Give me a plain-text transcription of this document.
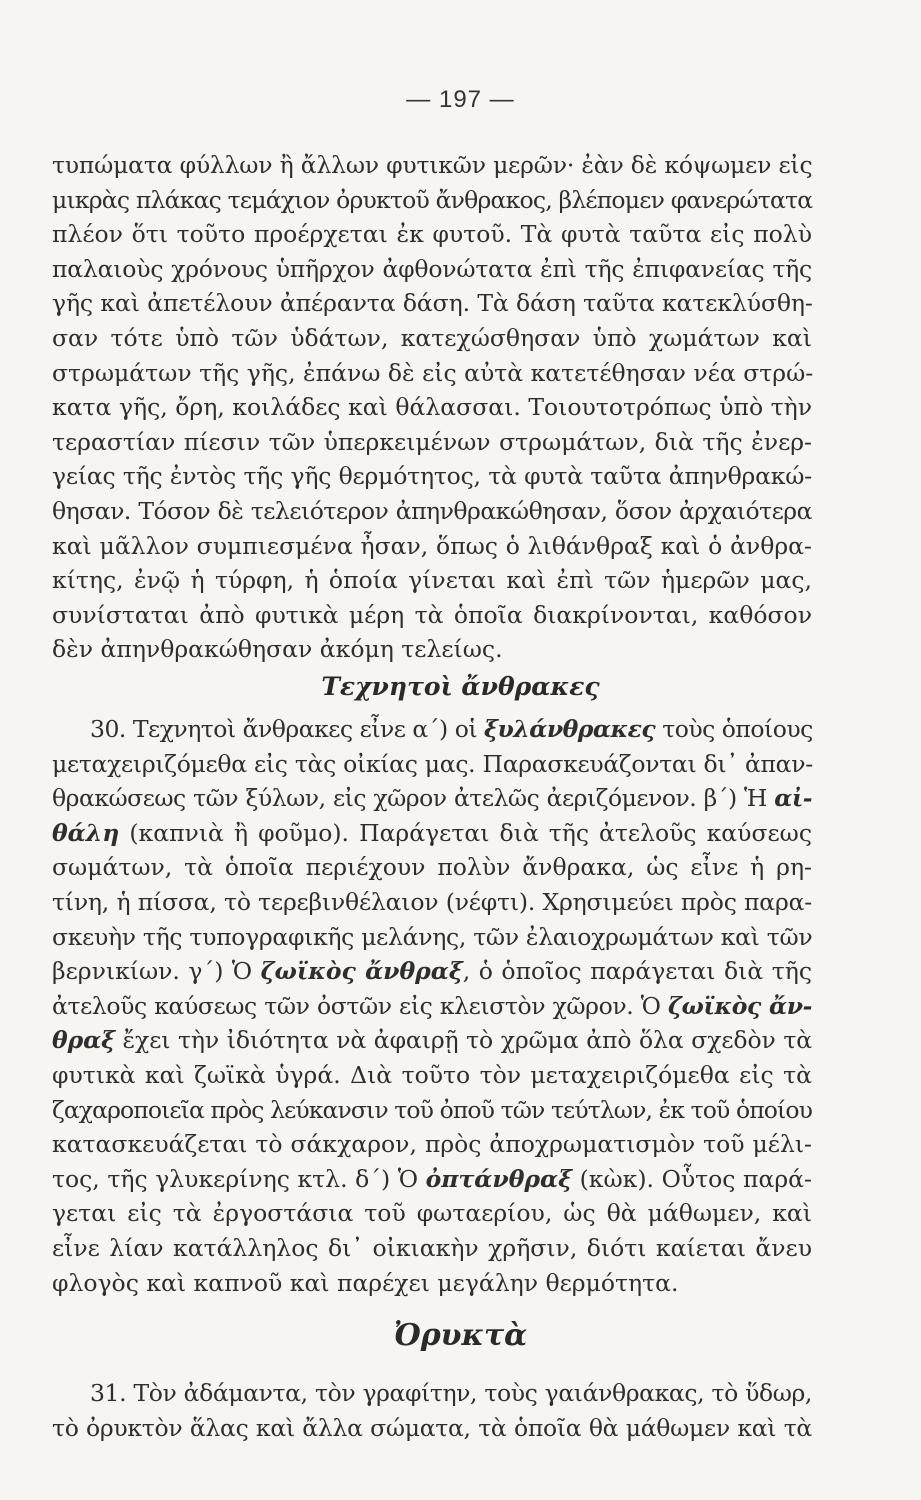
— 197 —
τυπώματα φύλλων ἢ ἄλλων φυτικῶν μερῶν· ἐὰν δὲ κόψωμεν εἰς
μικρὰς πλάκας τεμάχιον ὀρυκτοῦ ἄνθρακος, βλέπομεν φανερώτατα
πλέον ὅτι τοῦτο προέρχεται ἐκ φυτοῦ. Τὰ φυτὰ ταῦτα εἰς πολὺ
παλαιοὺς χρόνους ὑπῆρχον ἀφθονώτατα ἐπὶ τῆς ἐπιφανείας τῆς
γῆς καὶ ἀπετέλουν ἀπέραντα δάση. Τὰ δάση ταῦτα κατεκλύσθη-
σαν τότε ὑπὸ τῶν ὑδάτων, κατεχώσθησαν ὑπὸ χωμάτων καὶ
στρωμάτων τῆς γῆς, ἐπάνω δὲ εἰς αὐτὰ κατετέθησαν νέα στρώ-
κατα γῆς, ὄρη, κοιλάδες καὶ θάλασσαι. Τοιουτοτρόπως ὑπὸ τὴν
τεραστίαν πίεσιν τῶν ὑπερκειμένων στρωμάτων, διὰ τῆς ἐνερ-
γείας τῆς ἐντὸς τῆς γῆς θερμότητος, τὰ φυτὰ ταῦτα ἀπηνθρακώ-
θησαν. Τόσον δὲ τελειότερον ἀπηνθρακώθησαν, ὅσον ἀρχαιότερα
καὶ μᾶλλον συμπιεσμένα ἦσαν, ὅπως ὁ λιθάνθραξ καὶ ὁ ἀνθρα-
κίτης, ἐνῷ ἡ τύρφη, ἡ ὁποία γίνεται καὶ ἐπὶ τῶν ἡμερῶν μας,
συνίσταται ἀπὸ φυτικὰ μέρη τὰ ὁποῖα διακρίνονται, καθόσον
δὲν ἀπηνθρακώθησαν ἀκόμη τελείως.
Τεχνητοὶ ἄνθρακες
30. Τεχνητοὶ ἄνθρακες εἶνε α΄) οἱ ξυλάνθρακες τοὺς ὁποίους
μεταχειριζόμεθα εἰς τὰς οἰκίας μας. Παρασκευάζονται δι᾿ ἀπαν-
θρακώσεως τῶν ξύλων, εἰς χῶρον ἀτελῶς ἀεριζόμενον. β΄) Ἡ αἰ-
θάλη (καπνιὰ ἢ φοῦμο). Παράγεται διὰ τῆς ἀτελοῦς καύσεως
σωμάτων, τὰ ὁποῖα περιέχουν πολὺν ἄνθρακα, ὡς εἶνε ἡ ρη-
τίνη, ἡ πίσσα, τὸ τερεβινθέλαιον (νέφτι). Χρησιμεύει πρὸς παρα-
σκευὴν τῆς τυπογραφικῆς μελάνης, τῶν ἐλαιοχρωμάτων καὶ τῶν
βερνικίων. γ΄) Ὁ ζωϊκὸς ἄνθραξ, ὁ ὁποῖος παράγεται διὰ τῆς
ἀτελοῦς καύσεως τῶν ὀστῶν εἰς κλειστὸν χῶρον. Ὁ ζωϊκὸς ἄν-
θραξ ἔχει τὴν ἰδιότητα νὰ ἀφαιρῇ τὸ χρῶμα ἀπὸ ὅλα σχεδὸν τὰ
φυτικὰ καὶ ζωϊκὰ ὑγρά. Διὰ τοῦτο τὸν μεταχειριζόμεθα εἰς τὰ
ζαχαροποιεῖα πρὸς λεύκανσιν τοῦ ὀποῦ τῶν τεύτλων, ἐκ τοῦ ὁποίου
κατασκευάζεται τὸ σάκχαρον, πρὸς ἀποχρωματισμὸν τοῦ μέλι-
τος, τῆς γλυκερίνης κτλ. δ΄) Ὁ ὀπτάνθραξ (κὼκ). Οὗτος παρά-
γεται εἰς τὰ ἐργοστάσια τοῦ φωταερίου, ὡς θὰ μάθωμεν, καὶ
εἶνε λίαν κατάλληλος δι᾿ οἰκιακὴν χρῆσιν, διότι καίεται ἄνευ
φλογὸς καὶ καπνοῦ καὶ παρέχει μεγάλην θερμότητα.
Ὀρυκτὰ
31. Τὸν ἀδάμαντα, τὸν γραφίτην, τοὺς γαιάνθρακας, τὸ ὕδωρ,
τὸ ὀρυκτὸν ἅλας καὶ ἄλλα σώματα, τὰ ὁποῖα θὰ μάθωμεν καὶ τὰ
